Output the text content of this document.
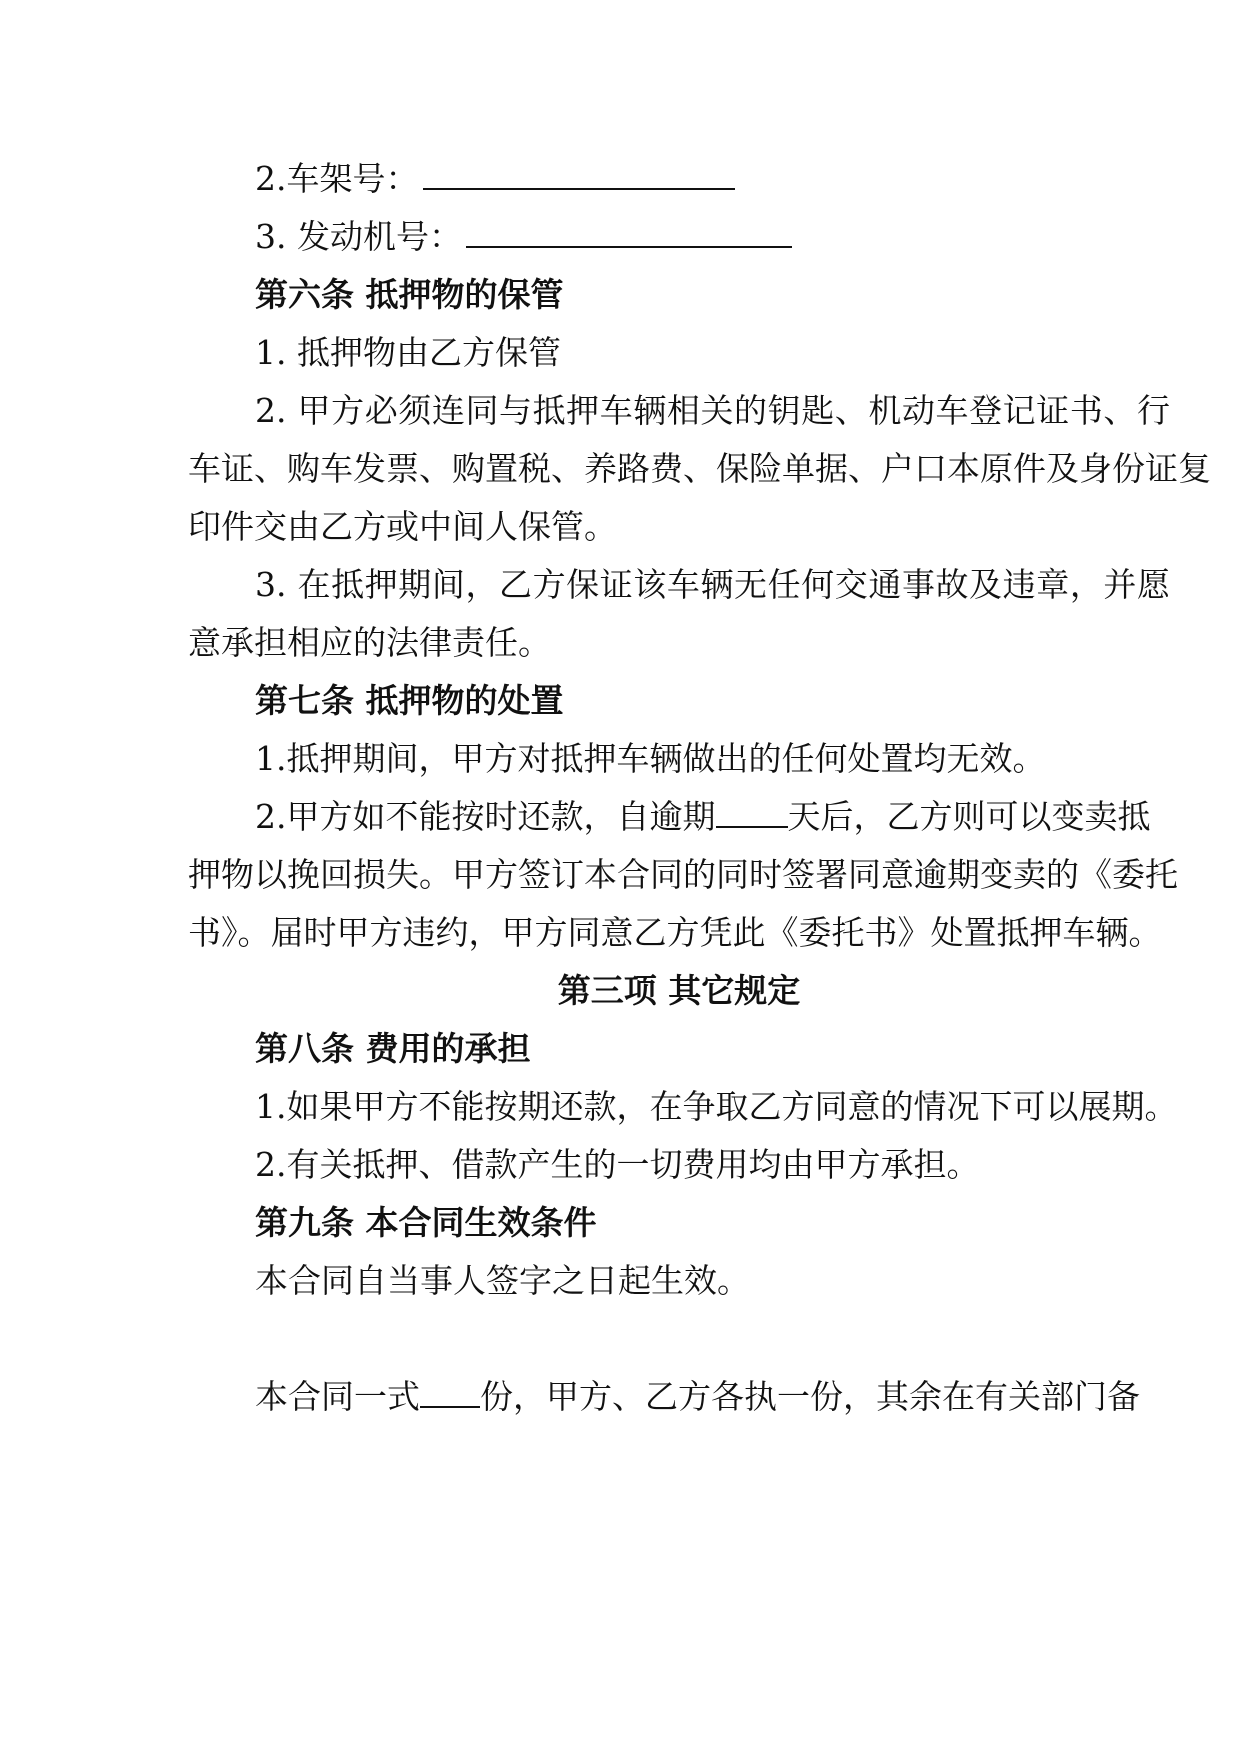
2.车架号：
3. 发动机号：
第六条 抵押物的保管
1. 抵押物由乙方保管
2. 甲方必须连同与抵押车辆相关的钥匙、机动车登记证书、行
车证、购车发票、购置税、养路费、保险单据、户口本原件及身份证复
印件交由乙方或中间人保管。
3. 在抵押期间，乙方保证该车辆无任何交通事故及违章，并愿
意承担相应的法律责任。
第七条 抵押物的处置
1.抵押期间，甲方对抵押车辆做出的任何处置均无效。
2.甲方如不能按时还款，自逾期 天后，乙方则可以变卖抵
押物以挽回损失。甲方签订本合同的同时签署同意逾期变卖的《委托
书》。届时甲方违约，甲方同意乙方凭此《委托书》处置抵押车辆。
第三项 其它规定
第八条 费用的承担
1.如果甲方不能按期还款，在争取乙方同意的情况下可以展期。
2.有关抵押、借款产生的一切费用均由甲方承担。
第九条 本合同生效条件
本合同自当事人签字之日起生效。
本合同一式 份，甲方、乙方各执一份，其余在有关部门备
